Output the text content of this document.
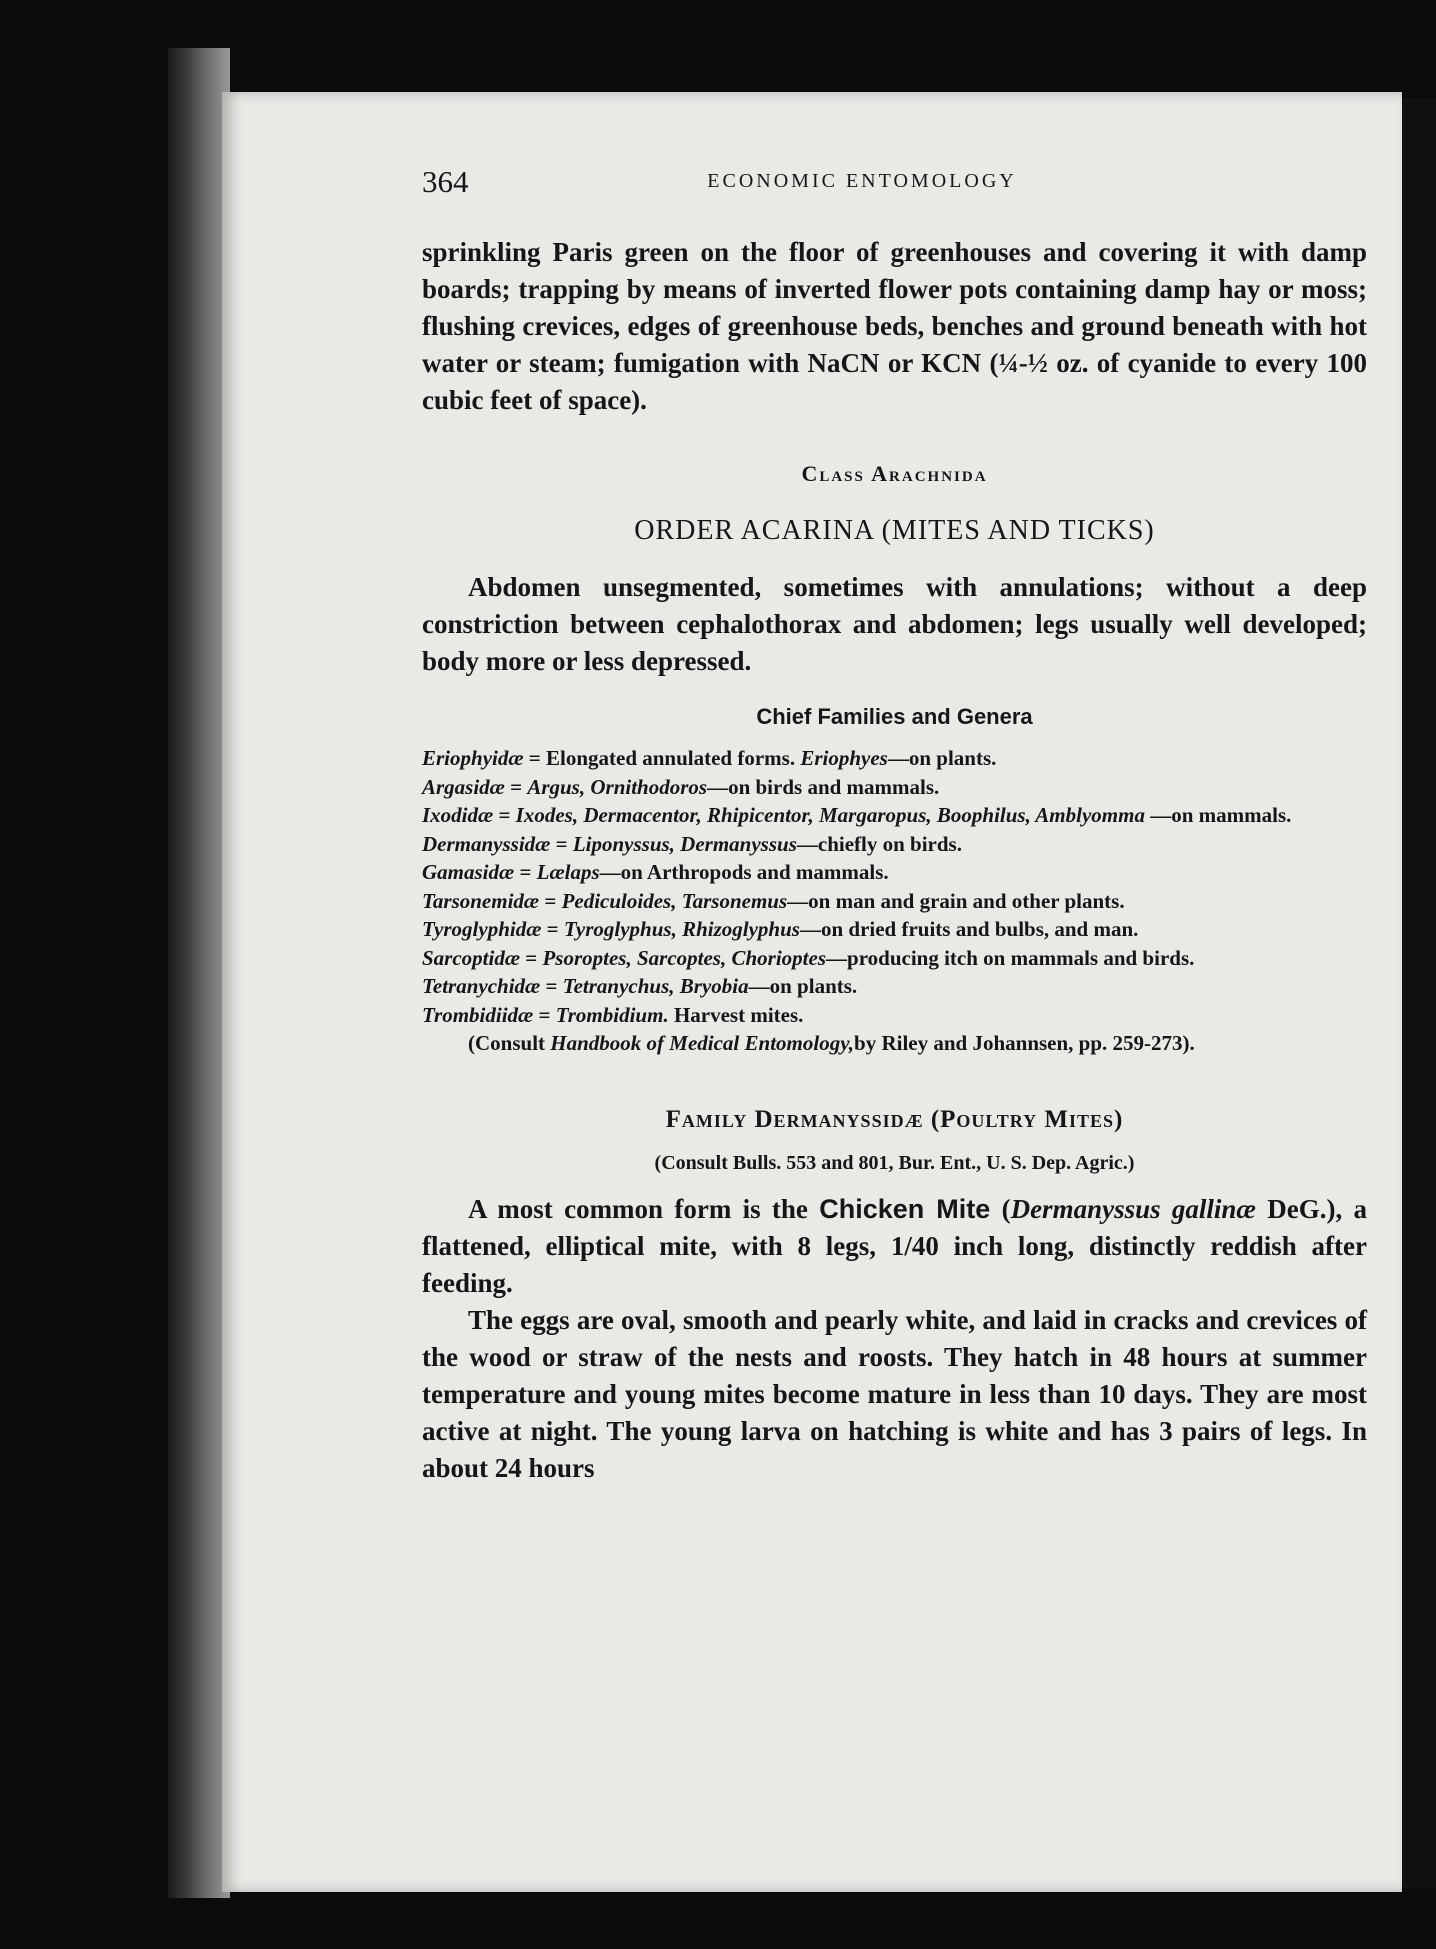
364	ECONOMIC ENTOMOLOGY

sprinkling Paris green on the floor of greenhouses and covering it with damp boards; trapping by means of inverted flower pots containing damp hay or moss; flushing crevices, edges of greenhouse beds, benches and ground beneath with hot water or steam; fumigation with NaCN or KCN (¼-½ oz. of cyanide to every 100 cubic feet of space).

Class Arachnida
ORDER ACARINA (MITES AND TICKS)

Abdomen unsegmented, sometimes with annulations; without a deep constriction between cephalothorax and abdomen; legs usually well developed; body more or less depressed.

Chief Families and Genera
Eriophyidæ = Elongated annulated forms. Eriophyes—on plants.
Argasidæ = Argus, Ornithodoros—on birds and mammals.
Ixodidæ = Ixodes, Dermacentor, Rhipicentor, Margaropus, Boophilus, Amblyomma —on mammals.
Dermanyssidæ = Liponyssus, Dermanyssus—chiefly on birds.
Gamasidæ = Lælaps—on Arthropods and mammals.
Tarsonemidæ = Pediculoides, Tarsonemus—on man and grain and other plants.
Tyroglyphidæ = Tyroglyphus, Rhizoglyphus—on dried fruits and bulbs, and man.
Sarcoptidæ = Psoroptes, Sarcoptes, Chorioptes—producing itch on mammals and birds.
Tetranychidæ = Tetranychus, Bryobia—on plants.
Trombidiidæ = Trombidium. Harvest mites.

(Consult Handbook of Medical Entomology,by Riley and Johannsen, pp. 259-273).

Family Dermanyssidæ (Poultry Mites)
(Consult Bulls. 553 and 801, Bur. Ent., U. S. Dep. Agric.)

A most common form is the Chicken Mite (Dermanyssus gallinæ DeG.), a flattened, elliptical mite, with 8 legs, 1/40 inch long, distinctly reddish after feeding.

The eggs are oval, smooth and pearly white, and laid in cracks and crevices of the wood or straw of the nests and roosts. They hatch in 48 hours at summer temperature and young mites become mature in less than 10 days. They are most active at night. The young larva on hatching is white and has 3 pairs of legs. In about 24 hours
